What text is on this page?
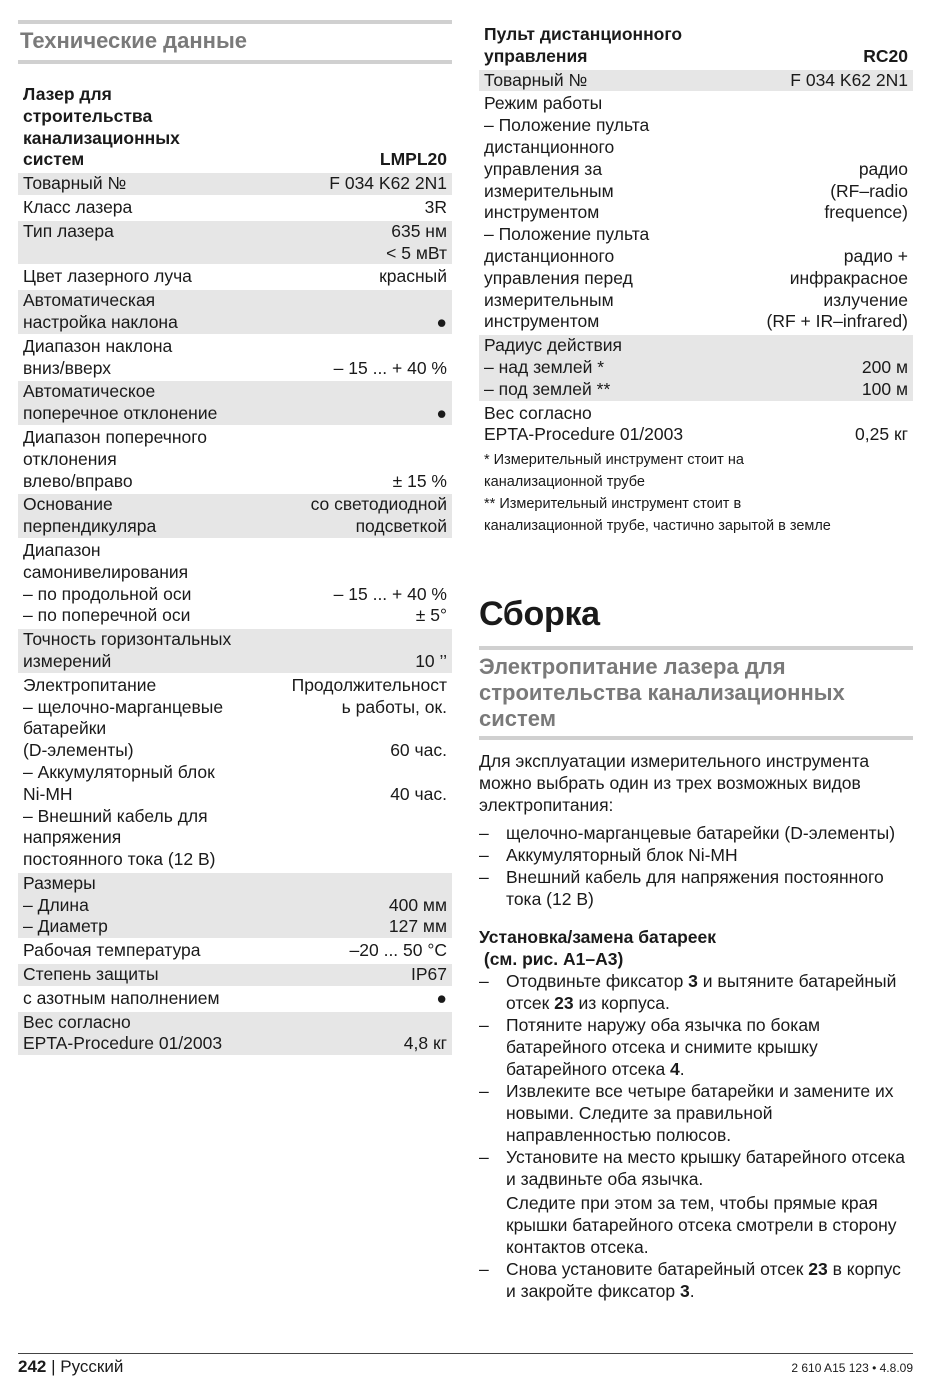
Технические данные
Лазер для	
строительства	
канализационных	
систем	LMPL20
Товарный №	F 034 K62 2N1
Класс лазера	3R
Тип лазера	635 нм
	< 5 мВт
Цвет лазерного луча	красный
Автоматическая	
настройка наклона	●
Диапазон наклона	
вниз/вверх	– 15 ... + 40 %
Автоматическое	
поперечное отклонение	●
Диапазон поперечного	
отклонения	
влево/вправо	± 15 %
Основание	со светодиодной
перпендикуляра	подсветкой
Диапазон	
самонивелирования	
– по продольной оси	– 15 ... + 40 %
– по поперечной оси	± 5°
Точность горизонтальных	
измерений	10 ’’
Электропитание	Продолжительност
– щелочно-марганцевые	ь работы, ок.
батарейки	
(D-элементы)	60 час.
– Аккумуляторный блок	
Ni-MH	40 час.
– Внешний кабель для	
напряжения	
постоянного тока (12 В)	
Размеры	
– Длина	400 мм
– Диаметр	127 мм
Рабочая температура	–20 ... 50 °C
Степень защиты	IP67
с азотным наполнением	●
Вес согласно	
EPTA-Procedure 01/2003	4,8 кг
Пульт дистанционного	
управления	RC20
Товарный №	F 034 K62 2N1
Режим работы	
– Положение пульта	
дистанционного	
управления за	радио
измерительным	(RF–radio
инструментом	frequence)
– Положение пульта	
дистанционного	радио +
управления перед	инфракрасное
измерительным	излучение
инструментом	(RF + IR–infrared)
Радиус действия	
– над землей *	200 м
– под землей **	100 м
Вес согласно	
EPTA-Procedure 01/2003	0,25 кг
* Измерительный инструмент стоит на
канализационной трубе
** Измерительный инструмент стоит в
канализационной трубе, частично зарытой в земле
Сборка
Электропитание лазера для строительства канализационных систем

Для эксплуатации измерительного инструмента можно выбрать один из трех возможных видов электропитания:

– щелочно-марганцевые батарейки (D-элементы)
– Аккумуляторный блок Ni-MH
– Внешний кабель для напряжения постоянного тока (12 В)
Установка/замена батареек
(см. рис. A1–A3)
– Отодвиньте фиксатор 3 и вытяните батарейный отсек 23 из корпуса.
– Потяните наружу оба язычка по бокам батарейного отсека и снимите крышку батарейного отсека 4.
– Извлеките все четыре батарейки и замените их новыми. Следите за правильной направленностью полюсов.
– Установите на место крышку батарейного отсека и задвиньте оба язычка.
Следите при этом за тем, чтобы прямые края крышки батарейного отсека смотрели в сторону контактов отсека.
– Снова установите батарейный отсек 23 в корпус и закройте фиксатор 3.
242 | Русский	2 610 A15 123 • 4.8.09
